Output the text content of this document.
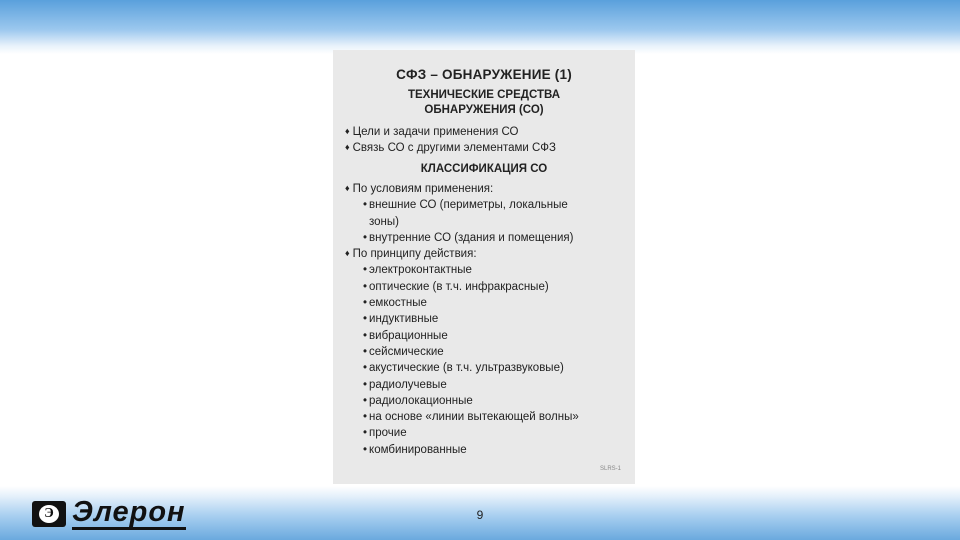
СФЗ – ОБНАРУЖЕНИЕ (1)
ТЕХНИЧЕСКИЕ СРЕДСТВА
ОБНАРУЖЕНИЯ (СО)
♦ Цели и задачи применения СО
♦ Связь СО с другими элементами СФЗ
КЛАССИФИКАЦИЯ СО
♦ По условиям применения:
• внешние СО (периметры, локальные
зоны)
• внутренние СО (здания и помещения)
♦ По принципу действия:
• электроконтактные
• оптические (в т.ч. инфракрасные)
• емкостные
• индуктивные
• вибрационные
• сейсмические
• акустические (в т.ч. ультразвуковые)
• радиолучевые
• радиолокационные
• на основе «линии вытекающей волны»
• прочие
• комбинированные
SLRS-1
Э Элерон	9
